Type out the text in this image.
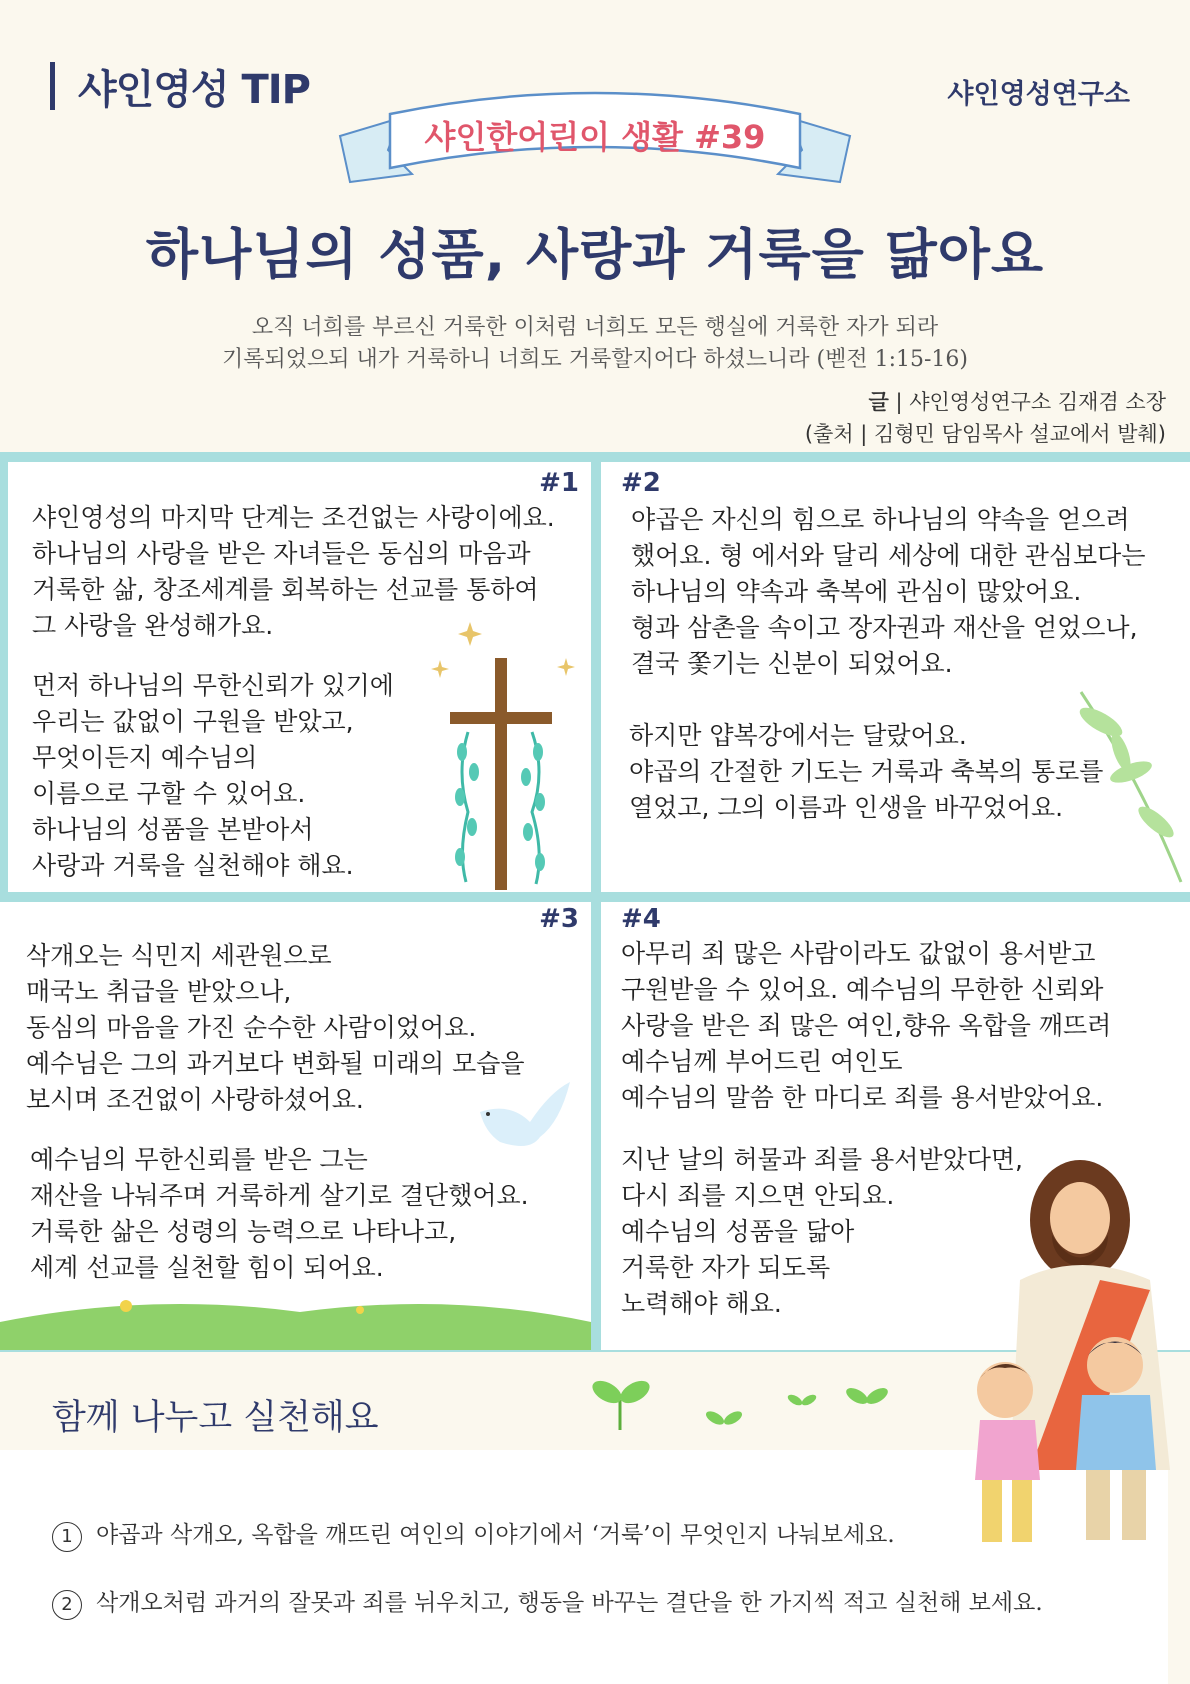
샤인영성 TIP	샤인영성연구소
샤인한어린이 생활 #39
하나님의 성품, 사랑과 거룩을 닮아요
오직 너희를 부르신 거룩한 이처럼 너희도 모든 행실에 거룩한 자가 되라
기록되었으되 내가 거룩하니 너희도 거룩할지어다 하셨느니라 (벧전 1:15-16)
글 | 샤인영성연구소 김재겸 소장
(출처 | 김형민 담임목사 설교에서 발췌)
#1
샤인영성의 마지막 단계는 조건없는 사랑이에요.
하나님의 사랑을 받은 자녀들은 동심의 마음과
거룩한 삶, 창조세계를 회복하는 선교를 통하여
그 사랑을 완성해가요.
먼저 하나님의 무한신뢰가 있기에
우리는 값없이 구원을 받았고,
무엇이든지 예수님의
이름으로 구할 수 있어요.
하나님의 성품을 본받아서
사랑과 거룩을 실천해야 해요.
#2
야곱은 자신의 힘으로 하나님의 약속을 얻으려
했어요. 형 에서와 달리 세상에 대한 관심보다는
하나님의 약속과 축복에 관심이 많았어요.
형과 삼촌을 속이고 장자권과 재산을 얻었으나,
결국 쫓기는 신분이 되었어요.
하지만 얍복강에서는 달랐어요.
야곱의 간절한 기도는 거룩과 축복의 통로를
열었고, 그의 이름과 인생을 바꾸었어요.
#3
삭개오는 식민지 세관원으로
매국노 취급을 받았으나,
동심의 마음을 가진 순수한 사람이었어요.
예수님은 그의 과거보다 변화될 미래의 모습을
보시며 조건없이 사랑하셨어요.
예수님의 무한신뢰를 받은 그는
재산을 나눠주며 거룩하게 살기로 결단했어요.
거룩한 삶은 성령의 능력으로 나타나고,
세계 선교를 실천할 힘이 되어요.
#4
아무리 죄 많은 사람이라도 값없이 용서받고
구원받을 수 있어요. 예수님의 무한한 신뢰와
사랑을 받은 죄 많은 여인,향유 옥합을 깨뜨려
예수님께 부어드린 여인도
예수님의 말씀 한 마디로 죄를 용서받았어요.
지난 날의 허물과 죄를 용서받았다면,
다시 죄를 지으면 안되요.
예수님의 성품을 닮아
거룩한 자가 되도록
노력해야 해요.
함께 나누고 실천해요
1 야곱과 삭개오, 옥합을 깨뜨린 여인의 이야기에서 ‘거룩’이 무엇인지 나눠보세요.
2 삭개오처럼 과거의 잘못과 죄를 뉘우치고, 행동을 바꾸는 결단을 한 가지씩 적고 실천해 보세요.
